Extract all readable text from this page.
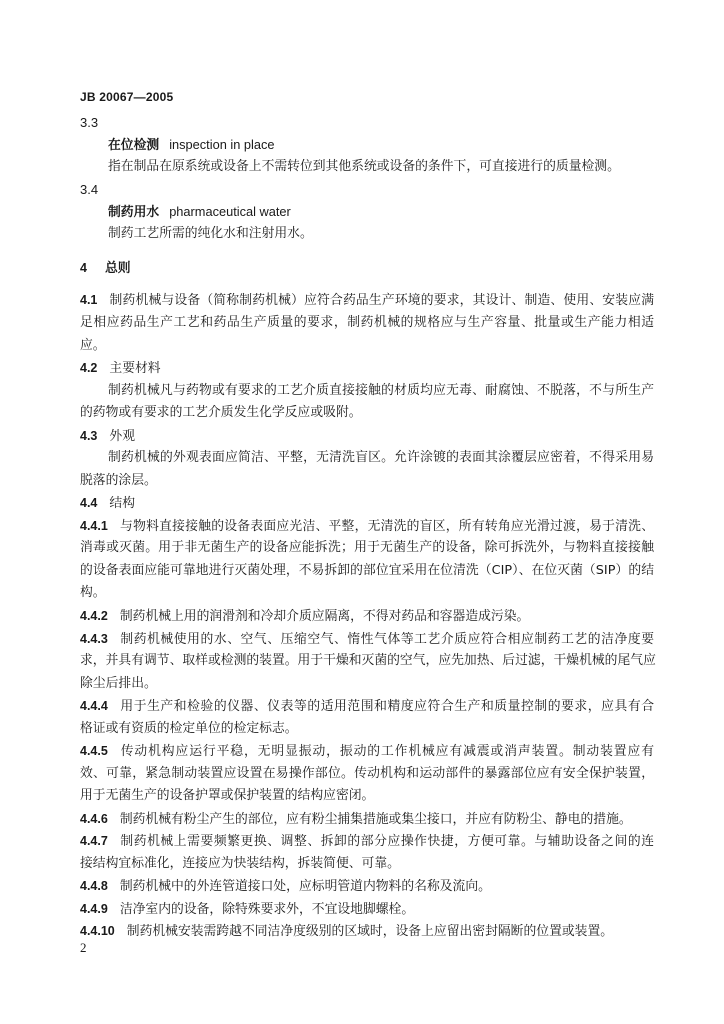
JB 20067—2005
3.3
在位检测 inspection in place
指在制品在原系统或设备上不需转位到其他系统或设备的条件下，可直接进行的质量检测。
3.4
制药用水 pharmaceutical water
制药工艺所需的纯化水和注射用水。
4 总则
4.1 制药机械与设备（简称制药机械）应符合药品生产环境的要求，其设计、制造、使用、安装应满
足相应药品生产工艺和药品生产质量的要求，制药机械的规格应与生产容量、批量或生产能力相适
应。
4.2 主要材料
制药机械凡与药物或有要求的工艺介质直接接触的材质均应无毒、耐腐蚀、不脱落，不与所生产
的药物或有要求的工艺介质发生化学反应或吸附。
4.3 外观
制药机械的外观表面应简洁、平整，无清洗盲区。允许涂镀的表面其涂覆层应密着，不得采用易
脱落的涂层。
4.4 结构
4.4.1 与物料直接接触的设备表面应光洁、平整，无清洗的盲区，所有转角应光滑过渡，易于清洗、
消毒或灭菌。用于非无菌生产的设备应能拆洗；用于无菌生产的设备，除可拆洗外，与物料直接接触
的设备表面应能可靠地进行灭菌处理，不易拆卸的部位宜采用在位清洗（CIP）、在位灭菌（SIP）的结
构。
4.4.2 制药机械上用的润滑剂和冷却介质应隔离，不得对药品和容器造成污染。
4.4.3 制药机械使用的水、空气、压缩空气、惰性气体等工艺介质应符合相应制药工艺的洁净度要
求，并具有调节、取样或检测的装置。用于干燥和灭菌的空气，应先加热、后过滤，干燥机械的尾气应
除尘后排出。
4.4.4 用于生产和检验的仪器、仪表等的适用范围和精度应符合生产和质量控制的要求，应具有合
格证或有资质的检定单位的检定标志。
4.4.5 传动机构应运行平稳，无明显振动，振动的工作机械应有减震或消声装置。制动装置应有
效、可靠，紧急制动装置应设置在易操作部位。传动机构和运动部件的暴露部位应有安全保护装置，
用于无菌生产的设备护罩或保护装置的结构应密闭。
4.4.6 制药机械有粉尘产生的部位，应有粉尘捕集措施或集尘接口，并应有防粉尘、静电的措施。
4.4.7 制药机械上需要频繁更换、调整、拆卸的部分应操作快捷，方便可靠。与辅助设备之间的连
接结构宜标准化，连接应为快装结构，拆装简便、可靠。
4.4.8 制药机械中的外连管道接口处，应标明管道内物料的名称及流向。
4.4.9 洁净室内的设备，除特殊要求外，不宜设地脚螺栓。
4.4.10 制药机械安装需跨越不同洁净度级别的区域时，设备上应留出密封隔断的位置或装置。
2
